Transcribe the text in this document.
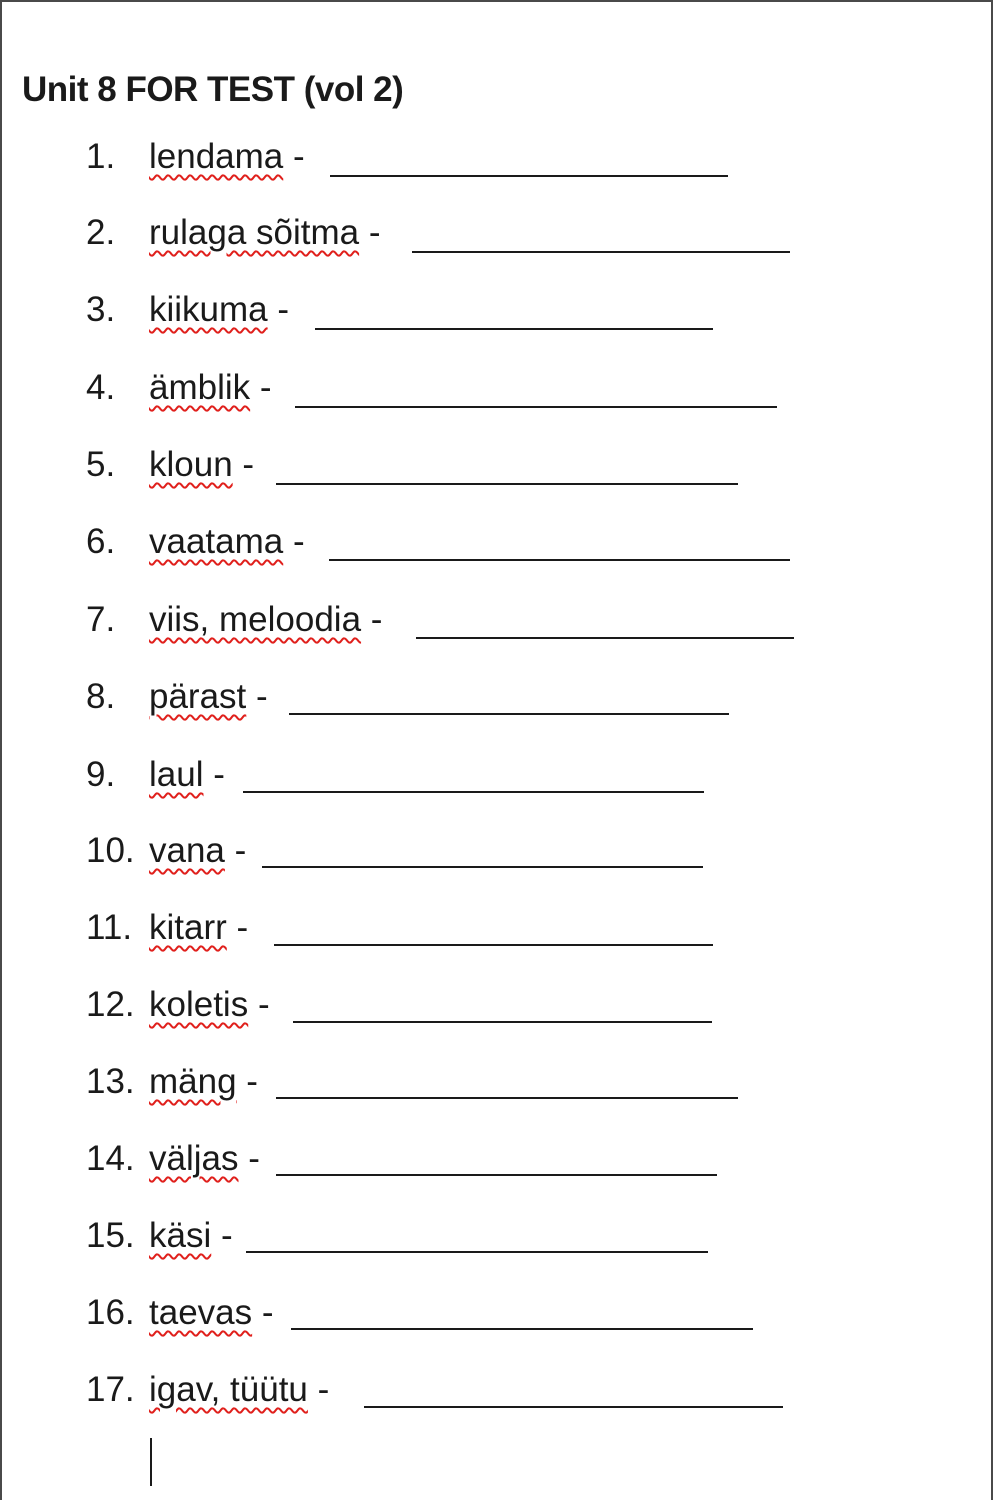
Unit 8 FOR TEST (vol 2)
1. lendama -
2. rulaga sõitma -
3. kiikuma -
4. ämblik -
5. kloun -
6. vaatama -
7. viis, meloodia -
8. pärast -
9. laul -
10. vana -
11. kitarr -
12. koletis -
13. mäng -
14. väljas -
15. käsi -
16. taevas -
17. igav, tüütu -
